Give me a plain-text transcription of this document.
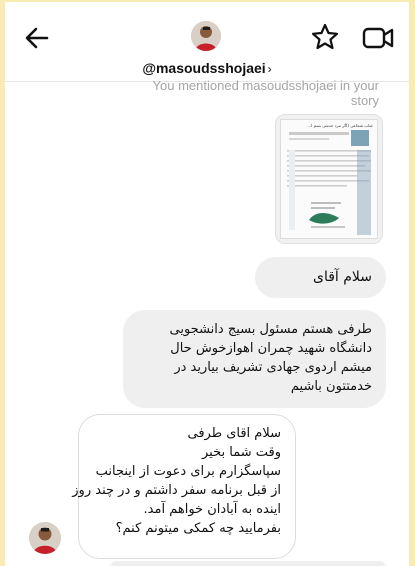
@masoudsshojaei ›
You mentioned masoudsshojaei in your story
جناب شجاعی (اگر مرد خدمتی بسم ا...
سلام آقای
طرفی هستم مسئول بسیج دانشجویی
دانشگاه شهید چمران اهوازخوش حال
میشم اردوی جهادی تشریف بیارید در
خدمتتون باشیم
سلام اقای طرفی
وقت شما بخیر
سپاسگزارم برای دعوت از اینجانب
از قبل برنامه سفر داشتم و در چند روز
اینده به آبادان خواهم آمد.
بفرمایید چه کمکی میتونم کنم؟
